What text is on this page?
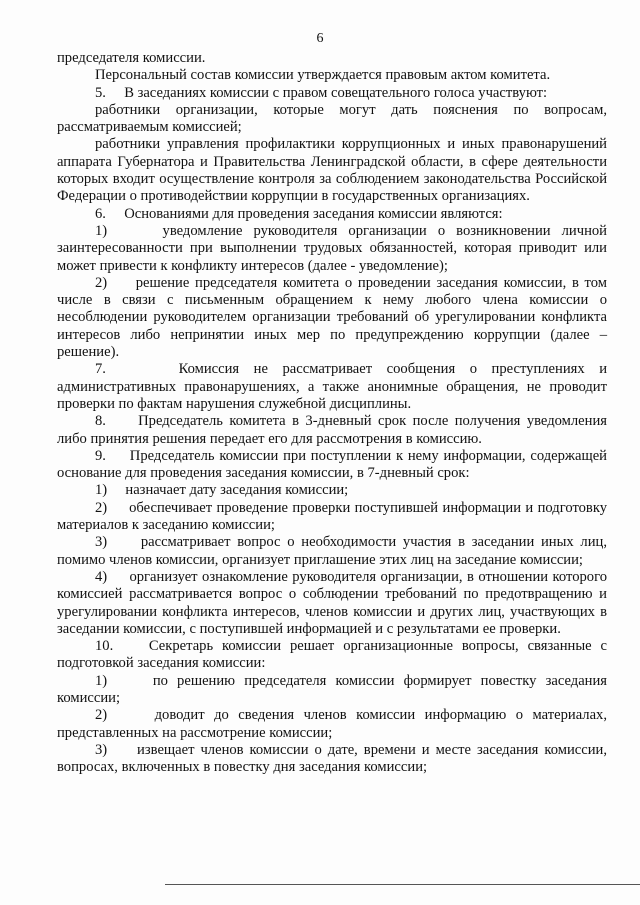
6

председателя комиссии.

Персональный состав комиссии утверждается правовым актом комитета.

5.     В заседаниях комиссии с правом совещательного голоса участвуют:

работники организации, которые могут дать пояснения по вопросам, рассматриваемым комиссией;

работники управления профилактики коррупционных и иных правонарушений аппарата Губернатора и Правительства Ленинградской области, в сфере деятельности которых входит осуществление контроля за соблюдением законодательства Российской Федерации о противодействии коррупции в государственных организациях.

6.     Основаниями для проведения заседания комиссии являются:

1)     уведомление руководителя организации о возникновении личной заинтересованности при выполнении трудовых обязанностей, которая приводит или может привести к конфликту интересов (далее - уведомление);

2)     решение председателя комитета о проведении заседания комиссии, в том числе в связи с письменным обращением к нему любого члена комиссии о несоблюдении руководителем организации требований об урегулировании конфликта интересов либо непринятии иных мер по предупреждению коррупции (далее – решение).

7.     Комиссия не рассматривает сообщения о преступлениях и административных правонарушениях, а также анонимные обращения, не проводит проверки по фактам нарушения служебной дисциплины.

8.     Председатель комитета в 3-дневный срок после получения уведомления либо принятия решения передает его для рассмотрения в комиссию.

9.     Председатель комиссии при поступлении к нему информации, содержащей основание для проведения заседания комиссии, в 7-дневный срок:

1)     назначает дату заседания комиссии;

2)     обеспечивает проведение проверки поступившей информации и подготовку материалов к заседанию комиссии;

3)     рассматривает вопрос о необходимости участия в заседании иных лиц, помимо членов комиссии, организует приглашение этих лиц на заседание комиссии;

4)     организует ознакомление руководителя организации, в отношении которого комиссией рассматривается вопрос о соблюдении требований по предотвращению и урегулировании конфликта интересов, членов комиссии и других лиц, участвующих в заседании комиссии, с поступившей информацией и с результатами ее проверки.

10.    Секретарь комиссии решает организационные вопросы, связанные с подготовкой заседания комиссии:

1)     по решению председателя комиссии формирует повестку заседания комиссии;

2)     доводит до сведения членов комиссии информацию о материалах, представленных на рассмотрение комиссии;

3)     извещает членов комиссии о дате, времени и месте заседания комиссии, вопросах, включенных в повестку дня заседания комиссии;
